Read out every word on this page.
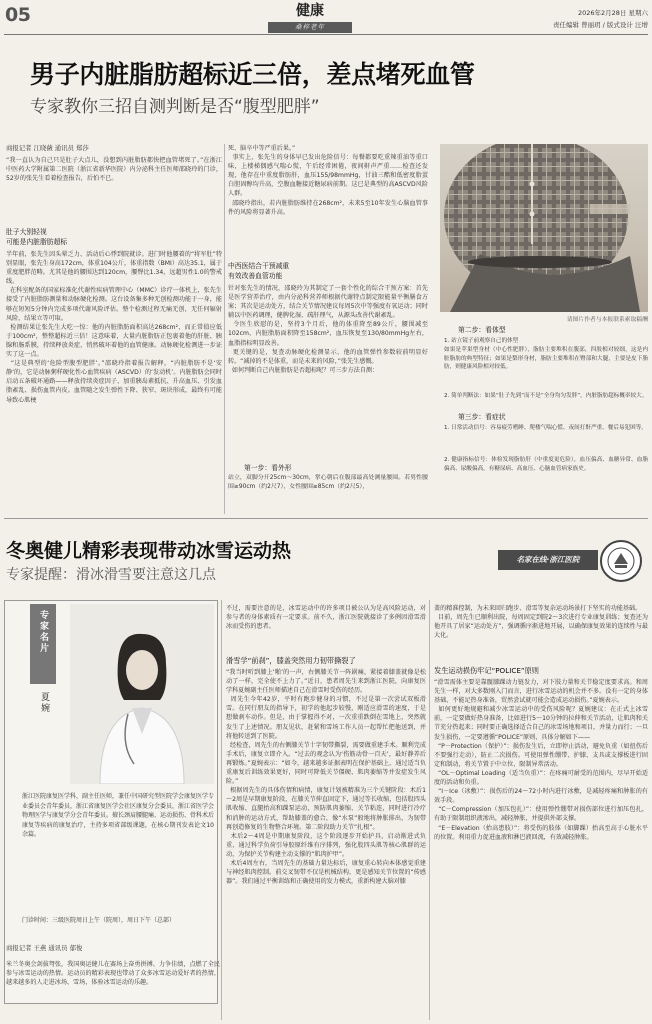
05	健康
桑梓老年
2026年2月28日 星期六
责任编辑 曾丽玥 / 版式设计 汪增
男子内脏脂肪超标近三倍，差点堵死血管
专家教你三招自测判断是否“腹型肥胖”
商报记者 江晓薇 通讯员 郑莎
“我一直认为自己只是肚子大点儿，没想到内脏脂肪都快把血管堵死了。”在浙江中医药大学附属第二医院（浙江省新华医院）内分泌科主任医师邵晓玲的门诊，52岁的张先生看着检查报告，后怕不已。
肚子大别轻视
可能是内脏脂肪超标
半年前，张先生因头晕乏力、活动后心悸到院就诊。进门时他腰着的“将军肚”特别显眼，张先生身高172cm，体重104公斤，体重指数（BMI）高达35.1，属于重度肥胖范畴。尤其是他的腰围达到120cm，腰臀比1.34，远超男性1.0的警戒线。
在科室配备的国家标准化代谢性疾病管理中心（MMC）诊疗一体机上，张先生接受了内脏脂肪测量和动脉硬化检测。这台设备集多种无创检测功能于一身，能够在短短5分钟内完成多项代谢风险评估。整个检测过程无痛无创，无任何辐射风险，结果立等可取。
检测结果让张先生大吃一惊：他的内脏脂肪面积高达268cm²，而正常值应低于100cm²，整整超标近三倍！这意味着，大量内脏脂肪正包裹着他的肝脏、胰腺和肠系膜，持续释放炎症，悄然破坏着他的血管健康。动脉硬化检测进一步证实了这一点。
“这是典型的‘危险型腹型肥胖’。”邵晓玲指着报告解释，“内脏脂肪不是‘安静’的，它是动脉粥样硬化性心血管疾病（ASCVD）的‘发动机’。内脏脂肪会同时启动五条破坏通路——释放持续炎症因子、加重胰岛素抵抗、升高血压、引发血脂紊乱、损伤血管内皮。血管随之发生弹性下降、狭窄、斑块形成，最终有可能导致心肌梗
死、脑卒中等严重后果。”
事实上，张先生的身体早已发出危险信号：每餐都要吃重辣重油等重口味，上楼梯偶感气喘心慌，午后经常困倦，夜间鼾声严重……检查还发现，他存在中重度脂肪肝，血压155/98mmHg，甘油三酯和低密度脂蛋白胆固醇均升高，空腹血糖接近糖尿病前期。这已是典型的高ASCVD风险人群。
邵晓玲指出，若内脏脂肪维持在268cm²，未来5至10年发生心脑血管事件的风险将显著升高。
中西医结合干预减重
有效改善血管功能
针对张先生的情况，邵晓玲为其制定了一套个性化的综合干预方案：首先是医学营养治疗，由内分泌科营养师根据代谢特点制定限能量平衡膳食方案；其次是运动处方，结合关节情况建议每周5次中等强度有氧运动；同时辅以中医药调理，健脾化湿、疏肝理气，从源头改善代谢紊乱。
令医生欣慰的是，坚持3个月后，他的体重降至89公斤，腰围减至102cm，内脏脂肪面积降至158cm²，血压恢复至130/80mmHg左右，血脂指标明显改善。
更关键的是，复查动脉硬化检测显示，他的血管弹性参数较前明显好转。“减掉的不是体重，而是未来的风险，”张先生感慨。
如何判断自己内脏脂肪是否超标呢？可三步方法自测：
第一步：看外形
站立，双脚分开25cm～30cm，掌心朝后在腹部最高处测量腰围。若男性腰围≥90cm（约2尺7），女性腰围≥85cm（约2尺5），
请图片作者与本报联系索取稿酬
第二步：看体型
1. 站立镜子前观察自己的体型
如果是苹果型身材（中心性肥胖），脂肪主要堆积在腹部，四肢相对较细，这是内脏脂肪的典型特征；如果是梨形身材，脂肪主要堆积在臀部和大腿，主要是皮下脂肪，则健康风险相对较低。
2. 简单判断法：如果“肚子先到”而不是“全身均匀发胖”，内脏脂肪超标概率较大。
第三步：看症状
1. 日常活动信号：容易疲劳嗜睡、爬楼气喘心慌、夜间打鼾严重、餐后易犯困等。
2. 健康指标信号：体检发现脂肪肝（中重度更危险），血压偏高、血糖异常、血脂偏高、尿酸偏高，有糖尿病、高血压、心脑血管病家族史。
冬奥健儿精彩表现带动冰雪运动热
专家提醒：滑冰滑雪要注意这几点
名家在线·浙江医院
专家名片
夏婉
浙江医院康复医学科，副主任医师，兼任中国研究型医院学会康复医学专业委员会青年委员，浙江省康复医学会社区康复分会委员，浙江省医学会物理医学与康复学分会青年委员。擅长颈肩腰腿痛、运动损伤、骨科术后康复等疾病的康复治疗，主持多项省部级课题，在核心期刊发表论文10余篇。
门诊时间：三级医院周日上午（院周），周日下午（总部）
商报记者 王燕 通讯员 郁俊
米兰冬奥会剑拔弩张，我国奥运健儿在赛场上奋勇拼搏、力争佳绩，点燃了全民参与冰雪运动的热情。运动员的精彩表现也带动了众多冰雪运动爱好者的热情，越来越多的人走进冰场、雪场，体验冰雪运动的乐趣。
不过，需要注意的是，冰雪运动中的许多项目被公认为是高风险运动，对参与者的身体素质有一定要求。前不久，浙江医院就接诊了多例因滑雪滑冰而受伤的患者。
滑雪学“前刹”，膝盖突然用力韧带撕裂了
“我当时听到膝上‘啪’的一声，右侧膝关节一阵剧痛，紧接着膝盖就像是松动了一样，完全使不上力了。”近日，患者周先生来到浙江医院，向康复医学科夏婉副主任医师描述自己在滑雪时受伤的经历。
周先生今年42岁，平时有跑步健身的习惯，不过是第一次尝试双板滑雪。在同行朋友的指导下，初学的他起步较慢，刚适应滑雪的速度，于是想做刹车动作。但是，由于掌握得不对，一次重重跌倒在雪地上，突然就发生了上述情况。朋友见状，赶紧和雪场工作人员一起帮忙把他送到，并将他转送到了医院。
经检查，周先生的右侧膝关节十字韧带撕裂，需要做重建手术。顺利完成手术后，康复立即介入。“过去的观念认为‘伤筋动骨一百天’，最好静养后再锻炼。”夏婉表示：“如今，越来越多证据表明在保护基础上，通过适当负重康复后训练效果更好，同时可降低关节僵硬、肌肉萎缩等并发症发生风险。”
根据周先生的具体伤情和病情，康复计划被精准为三个关键阶段：术后1～2周是早期康复阶段，在膝关节伸直固定下，通过等长收缩，包括股四头肌收缩、直腿抬高和踝泵运动，预防肌肉萎缩、关节粘连，同时进行冷疗和消肿的运动方式，帮助膝盖的愈合，像“水泵”般地将肿胀排出，为韧带再创造修复的生物整合环境。第二阶段助力关节“扎根”。
术后2～4周是中期康复阶段，这个阶段逐步开始护具，启动渐进式负重，通过科学负荷引导胶原纤维有序排列，强化股四头肌等核心肌群的运动，为保护关节构建主动支撑的“肌肉护甲”。
术后4周左右，当周先生的基础力量达标后，康复重心转向本体感觉重建与神经肌肉控制。前交叉韧带不仅是机械结构，更是感知关节位置的“传感器”。我们通过平衡训练和正确使用的发力模式，重新构建大脑对膝
盖的精准控制，为未来回归跑步、滑雪等复杂运动场景打下坚实的功能基础。
目前，周先生已顺利出院，每周固定到院2～3次进行专业康复训练；复查还为他开具了居家“运动处方”，强调循序渐进地开展，以确保康复效果的连续性与最大化。
发生运动损伤牢记“POLICE”原则
“滑雪需体主要是靠髋膝踝动力链发力，对下肢力量和关节稳定度要求高。和周先生一样，对大多数刚入门而言，进行冰雪运动的机会并不多。没有一定的身体基础、不能足热身准备，贸然尝试就可能会造成运动损伤。”夏婉表示。
如何更好地规避和减少冰雪运动中的受伤风险呢？夏婉建议：在正式上冰雪前，一定要做好热身准备，比如进行5～10分钟的拉伸和关节活动，让肌肉和关节充分热起来；同时要正确选择适合自己的冰雪场地和项目，并量力而行；一旦发生损伤，一定要遵循“POLICE”原则，具体分解如下——
“P－Protection（保护）”：损伤发生后，立即停止活动，避免负重（如扭伤后不要强行走动），防止二次损伤。可使用弹性绷带、护膝、支具或支撑板进行固定和制动，将关节置于中立位，限制异常活动。
“OL－Optimal Loading（适当负重）”：在疼痛可耐受的范围内，尽早开始适度的活动和负重。
“I－Ice（冰敷）”：损伤后的24～72小时内进行冰敷，是减轻疼痛和肿胀的有效手段。
“C－Compression（加压包扎）”：使用弹性绷带对损伤部位进行加压包扎，有助于限制组织液渗出，减轻肿胀，并提供外部支撑。
“E－Elevation（抬高患肢）”：将受伤的肢体（如脚踝）抬高至高于心脏水平的位置。利用重力促进血液和淋巴液回流，有效减轻肿胀。
